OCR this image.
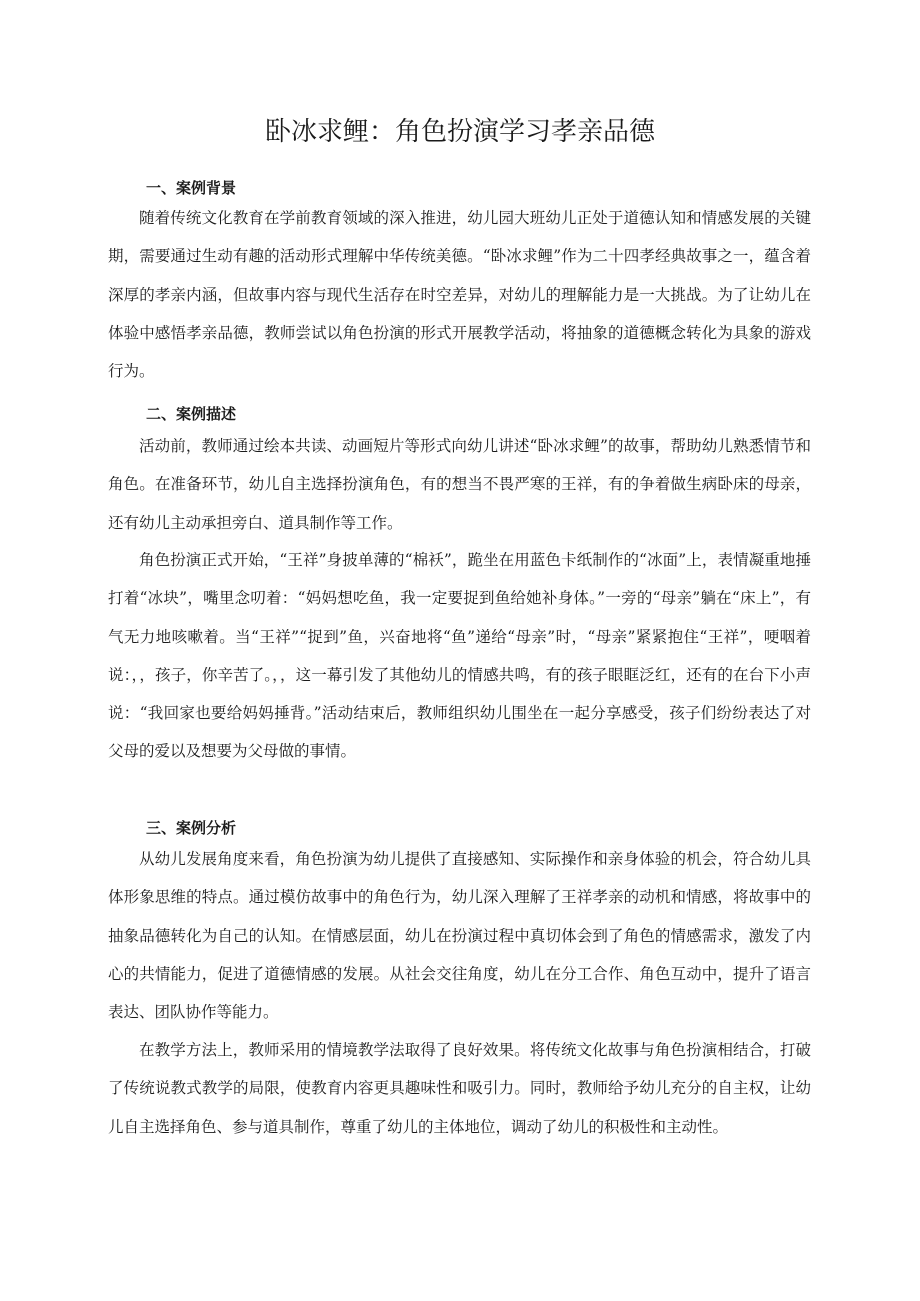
卧冰求鲤：角色扮演学习孝亲品德
一、案例背景

随着传统文化教育在学前教育领域的深入推进，幼儿园大班幼儿正处于道德认知和情感发展的关键期，需要通过生动有趣的活动形式理解中华传统美德。“卧冰求鲤”作为二十四孝经典故事之一，蕴含着深厚的孝亲内涵，但故事内容与现代生活存在时空差异，对幼儿的理解能力是一大挑战。为了让幼儿在体验中感悟孝亲品德，教师尝试以角色扮演的形式开展教学活动，将抽象的道德概念转化为具象的游戏行为。

二、案例描述

活动前，教师通过绘本共读、动画短片等形式向幼儿讲述“卧冰求鲤”的故事，帮助幼儿熟悉情节和角色。在准备环节，幼儿自主选择扮演角色，有的想当不畏严寒的王祥，有的争着做生病卧床的母亲，还有幼儿主动承担旁白、道具制作等工作。

角色扮演正式开始，“王祥”身披单薄的“棉袄”，跪坐在用蓝色卡纸制作的“冰面”上，表情凝重地捶打着“冰块”，嘴里念叨着：“妈妈想吃鱼，我一定要捉到鱼给她补身体。”一旁的“母亲”躺在“床上”，有气无力地咳嗽着。当“王祥”“捉到”鱼，兴奋地将“鱼”递给“母亲”时，“母亲”紧紧抱住“王祥”，哽咽着说：，，孩子，你辛苦了。，，这一幕引发了其他幼儿的情感共鸣，有的孩子眼眶泛红，还有的在台下小声说：“我回家也要给妈妈捶背。”活动结束后，教师组织幼儿围坐在一起分享感受，孩子们纷纷表达了对父母的爱以及想要为父母做的事情。

三、案例分析

从幼儿发展角度来看，角色扮演为幼儿提供了直接感知、实际操作和亲身体验的机会，符合幼儿具体形象思维的特点。通过模仿故事中的角色行为，幼儿深入理解了王祥孝亲的动机和情感，将故事中的抽象品德转化为自己的认知。在情感层面，幼儿在扮演过程中真切体会到了角色的情感需求，激发了内心的共情能力，促进了道德情感的发展。从社会交往角度，幼儿在分工合作、角色互动中，提升了语言表达、团队协作等能力。

在教学方法上，教师采用的情境教学法取得了良好效果。将传统文化故事与角色扮演相结合，打破了传统说教式教学的局限，使教育内容更具趣味性和吸引力。同时，教师给予幼儿充分的自主权，让幼儿自主选择角色、参与道具制作，尊重了幼儿的主体地位，调动了幼儿的积极性和主动性。
